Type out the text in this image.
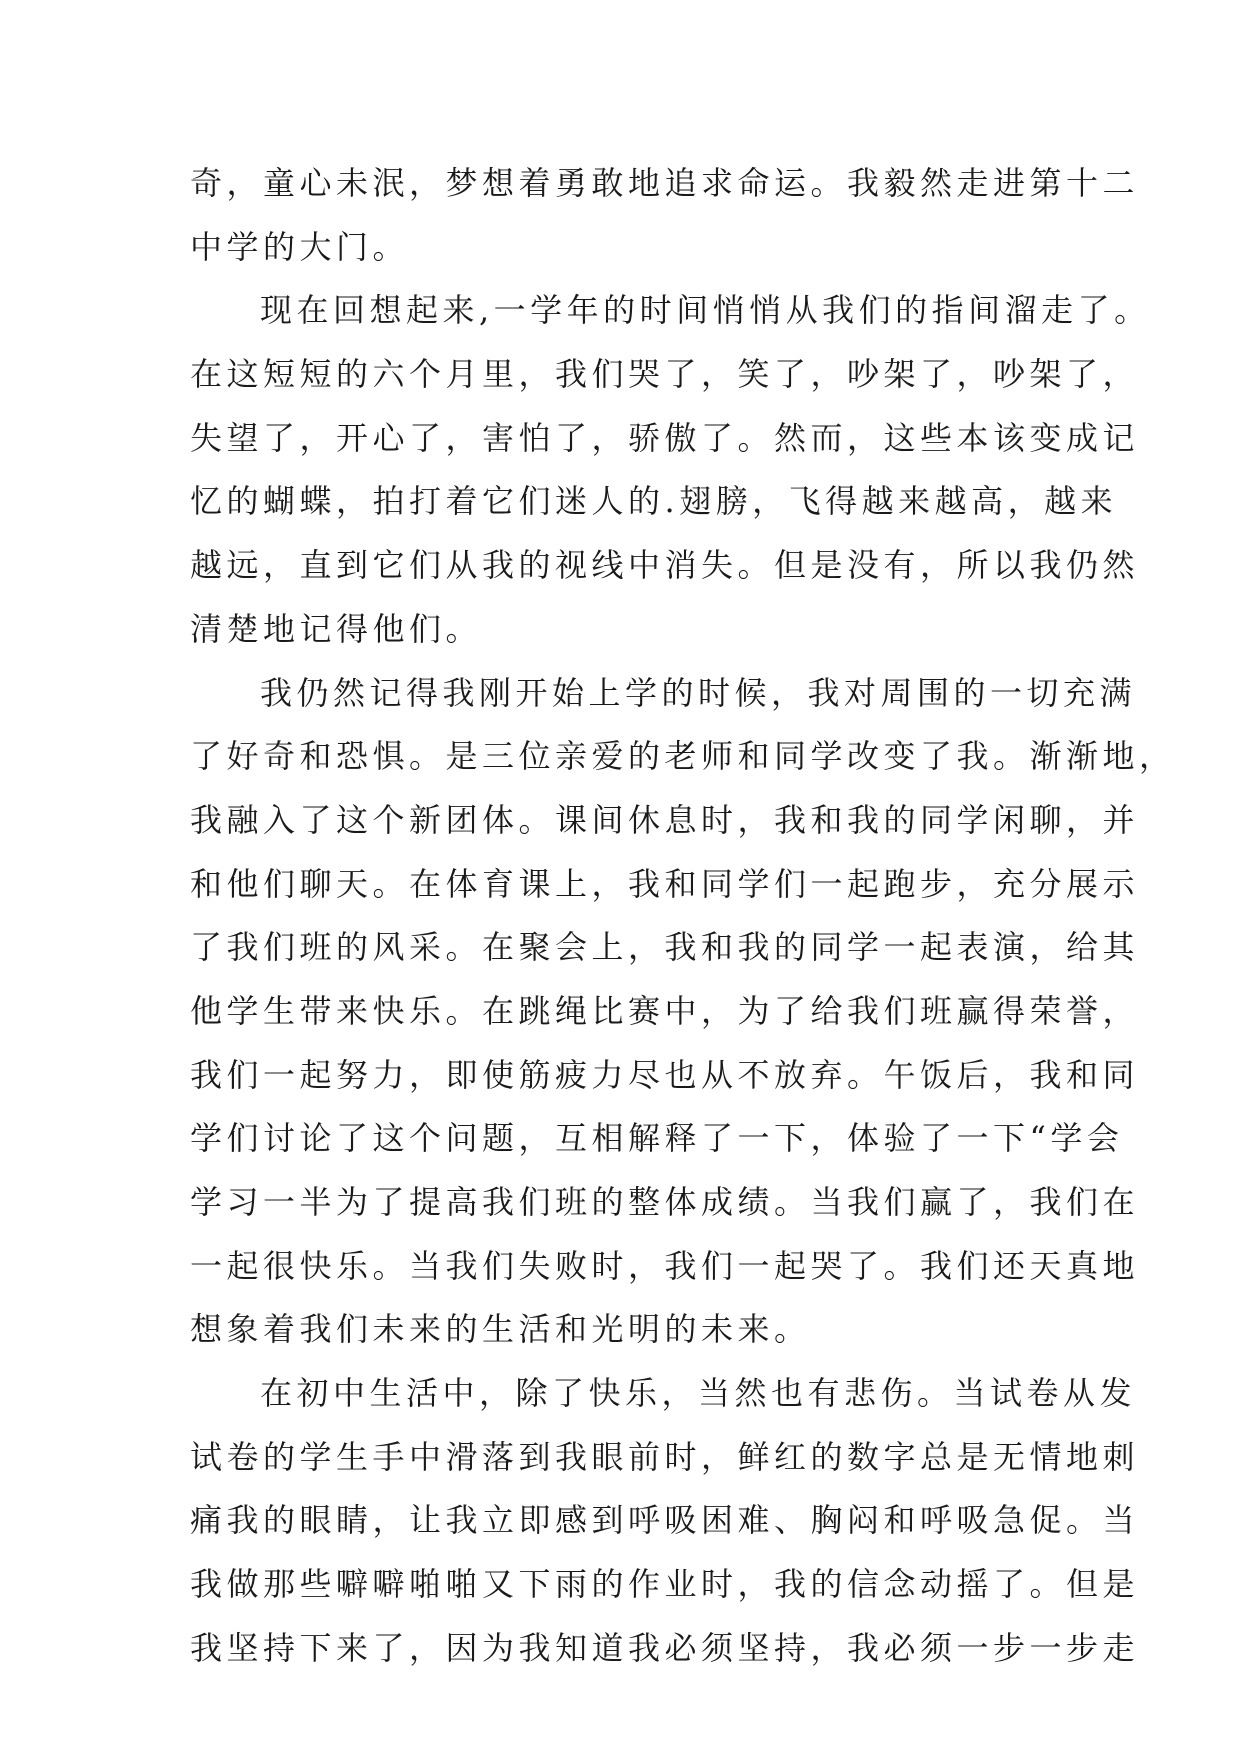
奇，童心未泯，梦想着勇敢地追求命运。我毅然走进第十二
中学的大门。
现在回想起来,一学年的时间悄悄从我们的指间溜走了。
在这短短的六个月里，我们哭了，笑了，吵架了，吵架了，
失望了，开心了，害怕了，骄傲了。然而，这些本该变成记
忆的蝴蝶，拍打着它们迷人的.翅膀，飞得越来越高，越来
越远，直到它们从我的视线中消失。但是没有，所以我仍然
清楚地记得他们。
我仍然记得我刚开始上学的时候，我对周围的一切充满
了好奇和恐惧。是三位亲爱的老师和同学改变了我。渐渐地，
我融入了这个新团体。课间休息时，我和我的同学闲聊，并
和他们聊天。在体育课上，我和同学们一起跑步，充分展示
了我们班的风采。在聚会上，我和我的同学一起表演，给其
他学生带来快乐。在跳绳比赛中，为了给我们班赢得荣誉，
我们一起努力，即使筋疲力尽也从不放弃。午饭后，我和同
学们讨论了这个问题，互相解释了一下，体验了一下“学会
学习一半为了提高我们班的整体成绩。当我们赢了，我们在
一起很快乐。当我们失败时，我们一起哭了。我们还天真地
想象着我们未来的生活和光明的未来。
在初中生活中，除了快乐，当然也有悲伤。当试卷从发
试卷的学生手中滑落到我眼前时，鲜红的数字总是无情地刺
痛我的眼睛，让我立即感到呼吸困难、胸闷和呼吸急促。当
我做那些噼噼啪啪又下雨的作业时，我的信念动摇了。但是
我坚持下来了，因为我知道我必须坚持，我必须一步一步走
